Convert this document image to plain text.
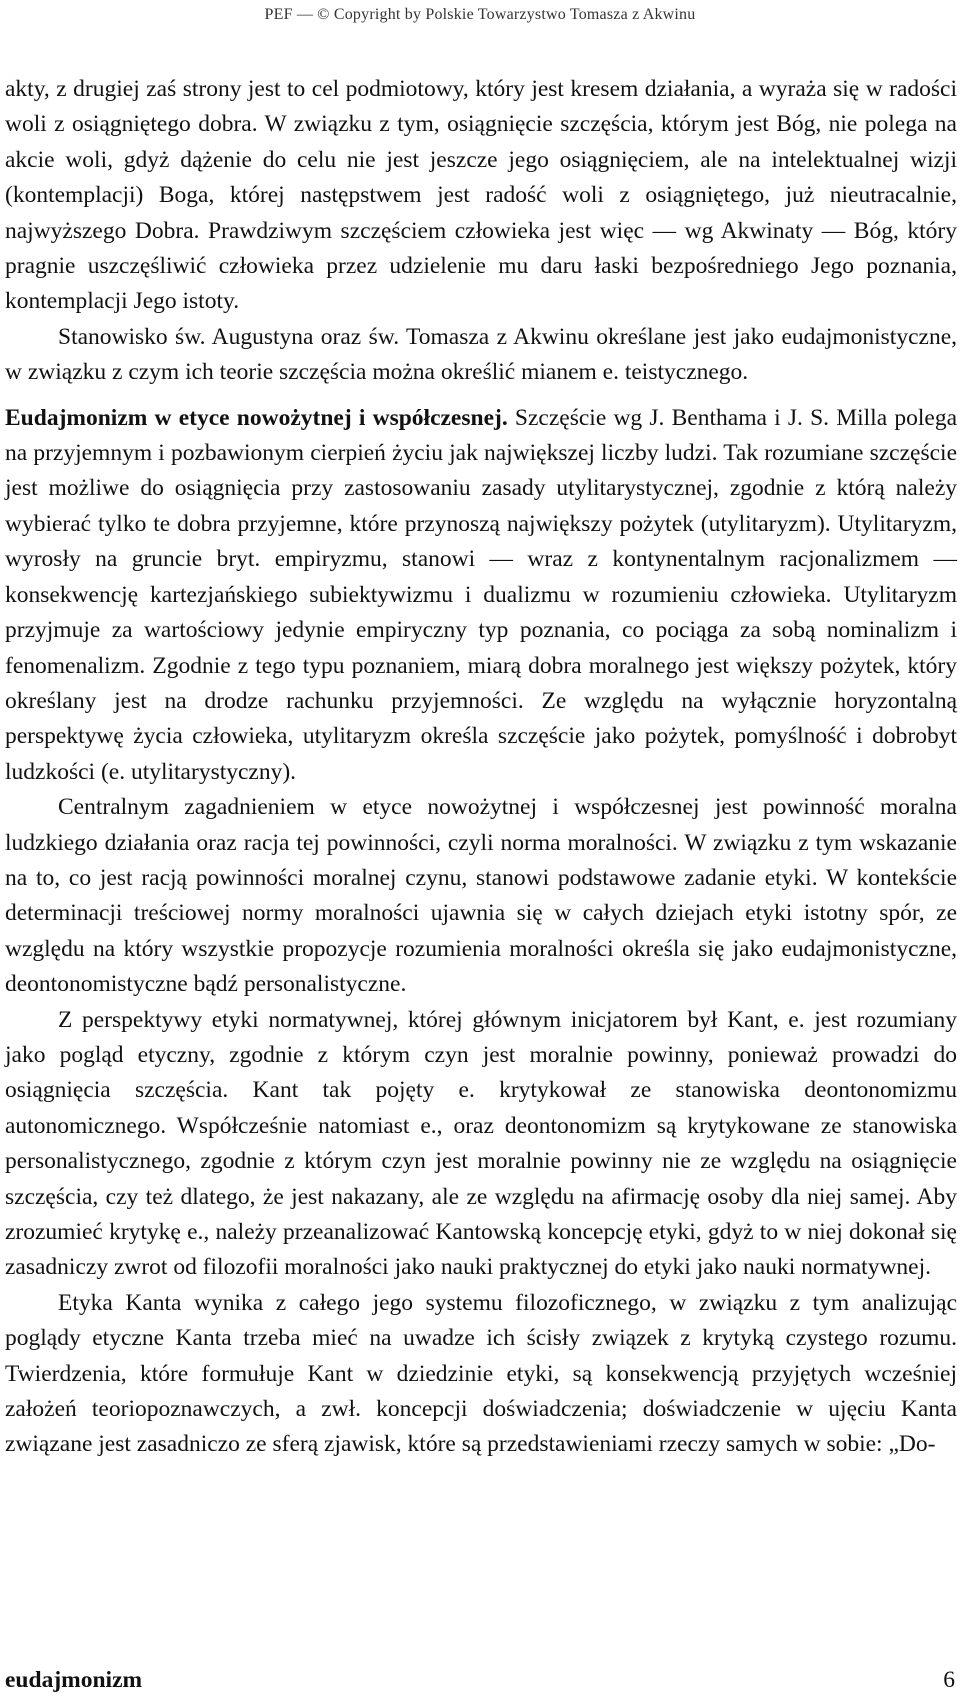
PEF — © Copyright by Polskie Towarzystwo Tomasza z Akwinu

akty, z drugiej zaś strony jest to cel podmiotowy, który jest kresem działania, a wyraża się w radości woli z osiągniętego dobra. W związku z tym, osiągnięcie szczęścia, którym jest Bóg, nie polega na akcie woli, gdyż dążenie do celu nie jest jeszcze jego osiągnięciem, ale na intelektualnej wizji (kontemplacji) Boga, której następstwem jest radość woli z osiągniętego, już nieutracalnie, najwyższego Dobra. Prawdziwym szczęściem człowieka jest więc — wg Akwinaty — Bóg, który pragnie uszczęśliwić człowieka przez udzielenie mu daru łaski bezpośredniego Jego poznania, kontemplacji Jego istoty.

Stanowisko św. Augustyna oraz św. Tomasza z Akwinu określane jest jako eudajmonistyczne, w związku z czym ich teorie szczęścia można określić mianem e. teistycznego.

Eudajmonizm w etyce nowożytnej i współczesnej. Szczęście wg J. Benthama i J. S. Milla polega na przyjemnym i pozbawionym cierpień życiu jak największej liczby ludzi. Tak rozumiane szczęście jest możliwe do osiągnięcia przy zastosowaniu zasady utylitarystycznej, zgodnie z którą należy wybierać tylko te dobra przyjemne, które przynoszą największy pożytek (utylitaryzm). Utylitaryzm, wyrosły na gruncie bryt. empiryzmu, stanowi — wraz z kontynentalnym racjonalizmem — konsekwencję kartezjańskiego subiektywizmu i dualizmu w rozumieniu człowieka. Utylitaryzm przyjmuje za wartościowy jedynie empiryczny typ poznania, co pociąga za sobą nominalizm i fenomenalizm. Zgodnie z tego typu poznaniem, miarą dobra moralnego jest większy pożytek, który określany jest na drodze rachunku przyjemności. Ze względu na wyłącznie horyzontalną perspektywę życia człowieka, utylitaryzm określa szczęście jako pożytek, pomyślność i dobrobyt ludzkości (e. utylitarystyczny).

Centralnym zagadnieniem w etyce nowożytnej i współczesnej jest powinność moralna ludzkiego działania oraz racja tej powinności, czyli norma moralności. W związku z tym wskazanie na to, co jest racją powinności moralnej czynu, stanowi podstawowe zadanie etyki. W kontekście determinacji treściowej normy moralności ujawnia się w całych dziejach etyki istotny spór, ze względu na który wszystkie propozycje rozumienia moralności określa się jako eudajmonistyczne, deontonomistyczne bądź personalistyczne.

Z perspektywy etyki normatywnej, której głównym inicjatorem był Kant, e. jest rozumiany jako pogląd etyczny, zgodnie z którym czyn jest moralnie powinny, ponieważ prowadzi do osiągnięcia szczęścia. Kant tak pojęty e. krytykował ze stanowiska deontonomizmu autonomicznego. Współcześnie natomiast e., oraz deontonomizm są krytykowane ze stanowiska personalistycznego, zgodnie z którym czyn jest moralnie powinny nie ze względu na osiągnięcie szczęścia, czy też dlatego, że jest nakazany, ale ze względu na afirmację osoby dla niej samej. Aby zrozumieć krytykę e., należy przeanalizować Kantowską koncepcję etyki, gdyż to w niej dokonał się zasadniczy zwrot od filozofii moralności jako nauki praktycznej do etyki jako nauki normatywnej.

Etyka Kanta wynika z całego jego systemu filozoficznego, w związku z tym analizując poglądy etyczne Kanta trzeba mieć na uwadze ich ścisły związek z krytyką czystego rozumu. Twierdzenia, które formułuje Kant w dziedzinie etyki, są konsekwencją przyjętych wcześniej założeń teoriopoznawczych, a zwł. koncepcji doświadczenia; doświadczenie w ujęciu Kanta związane jest zasadniczo ze sferą zjawisk, które są przedstawieniami rzeczy samych w sobie: „Do-

eudajmonizm	6
